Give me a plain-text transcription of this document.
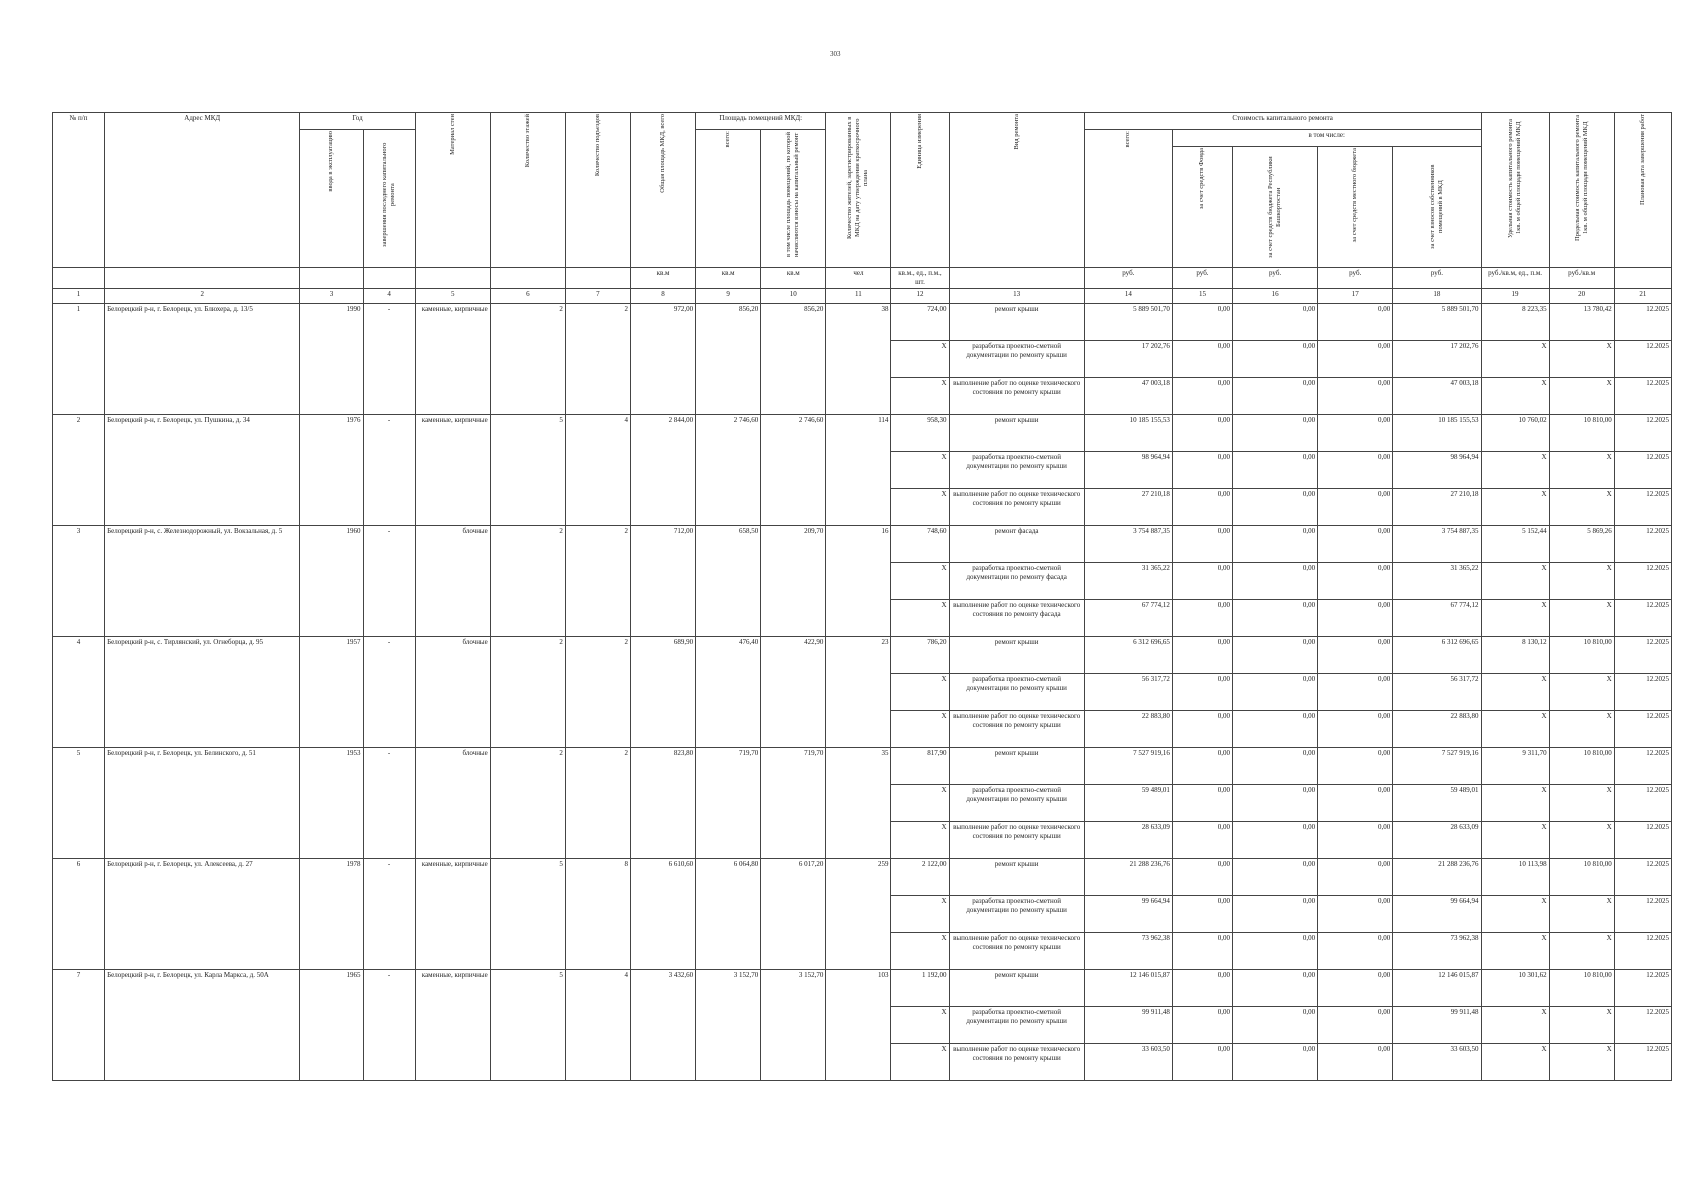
303
№ п/п	Адрес МКД	Год		Материал стен	Количество этажей	Количество подъездов	Общая площадь МКД, всего	Площадь помещений МКД:		Количество жителей, зарегистрированных в МКД на дату утверждения краткосрочного плана	Единица измерения	Вид ремонта	Стоимость капитального ремонта					Удельная стоимость капитального ремонта 1кв. м общей площади помещений МКД	Предельная стоимость капитального ремонта 1кв. м общей площади помещений МКД	Плановая дата завершения работ

		ввода в эксплуатацию	завершения последнего капитального ремонта					всего:	в том числе площадь помещений, по которой начисляются взносы на капитальный ремонт				всего:	в том числе:						

														за счет средств Фонда	за счет средств бюджета Республики Башкортостан	за счет средств местного бюджета	за счет взносов собственников помещений в МКД			

							кв.м	кв.м	кв.м	чел	кв.м., ед., п.м., шт.		руб.	руб.	руб.	руб.	руб.	руб./кв.м, ед., п.м.	руб./кв.м	
1	2	3	4	5	6	7	8	9	10	11	12	13	14	15	16	17	18	19	20	21
1	Белорецкий р-н, г. Белорецк, ул. Блюхера, д. 13/5	1990	-	каменные, кирпичные	2	2	972,00	856,20	856,20	38	724,00	ремонт крыши	5 889 501,70	0,00	0,00	0,00	5 889 501,70	8 223,35	13 780,42	12.2025
											X	разработка проектно-сметной документации по ремонту крыши	17 202,76	0,00	0,00	0,00	17 202,76	X	X	12.2025
											X	выполнение работ по оценке технического состояния по ремонту крыши	47 003,18	0,00	0,00	0,00	47 003,18	X	X	12.2025
2	Белорецкий р-н, г. Белорецк, ул. Пушкина, д. 34	1976	-	каменные, кирпичные	5	4	2 844,00	2 746,60	2 746,60	114	958,30	ремонт крыши	10 185 155,53	0,00	0,00	0,00	10 185 155,53	10 760,02	10 810,00	12.2025
											X	разработка проектно-сметной документации по ремонту крыши	98 964,94	0,00	0,00	0,00	98 964,94	X	X	12.2025
											X	выполнение работ по оценке технического состояния по ремонту крыши	27 210,18	0,00	0,00	0,00	27 210,18	X	X	12.2025
3	Белорецкий р-н, с. Железнодорожный, ул. Вокзальная, д. 5	1960	-	блочные	2	2	712,00	658,50	209,70	16	748,60	ремонт фасада	3 754 887,35	0,00	0,00	0,00	3 754 887,35	5 152,44	5 869,26	12.2025
											X	разработка проектно-сметной документации по ремонту фасада	31 365,22	0,00	0,00	0,00	31 365,22	X	X	12.2025
											X	выполнение работ по оценке технического состояния по ремонту фасада	67 774,12	0,00	0,00	0,00	67 774,12	X	X	12.2025
4	Белорецкий р-н, с. Тирлянский, ул. Огнеборца, д. 95	1957	-	блочные	2	2	689,90	476,40	422,90	23	786,20	ремонт крыши	6 312 696,65	0,00	0,00	0,00	6 312 696,65	8 130,12	10 810,00	12.2025
											X	разработка проектно-сметной документации по ремонту крыши	56 317,72	0,00	0,00	0,00	56 317,72	X	X	12.2025
											X	выполнение работ по оценке технического состояния по ремонту крыши	22 883,80	0,00	0,00	0,00	22 883,80	X	X	12.2025
5	Белорецкий р-н, г. Белорецк, ул. Белинского, д. 51	1953	-	блочные	2	2	823,80	719,70	719,70	35	817,90	ремонт крыши	7 527 919,16	0,00	0,00	0,00	7 527 919,16	9 311,70	10 810,00	12.2025
											X	разработка проектно-сметной документации по ремонту крыши	59 489,01	0,00	0,00	0,00	59 489,01	X	X	12.2025
											X	выполнение работ по оценке технического состояния по ремонту крыши	28 633,09	0,00	0,00	0,00	28 633,09	X	X	12.2025
6	Белорецкий р-н, г. Белорецк, ул. Алексеева, д. 27	1978	-	каменные, кирпичные	5	8	6 610,60	6 064,80	6 017,20	259	2 122,00	ремонт крыши	21 288 236,76	0,00	0,00	0,00	21 288 236,76	10 113,98	10 810,00	12.2025
											X	разработка проектно-сметной документации по ремонту крыши	99 664,94	0,00	0,00	0,00	99 664,94	X	X	12.2025
											X	выполнение работ по оценке технического состояния по ремонту крыши	73 962,38	0,00	0,00	0,00	73 962,38	X	X	12.2025
7	Белорецкий р-н, г. Белорецк, ул. Карла Маркса, д. 50А	1965	-	каменные, кирпичные	5	4	3 432,60	3 152,70	3 152,70	103	1 192,00	ремонт крыши	12 146 015,87	0,00	0,00	0,00	12 146 015,87	10 301,62	10 810,00	12.2025
											X	разработка проектно-сметной документации по ремонту крыши	99 911,48	0,00	0,00	0,00	99 911,48	X	X	12.2025
											X	выполнение работ по оценке технического состояния по ремонту крыши	33 603,50	0,00	0,00	0,00	33 603,50	X	X	12.2025
